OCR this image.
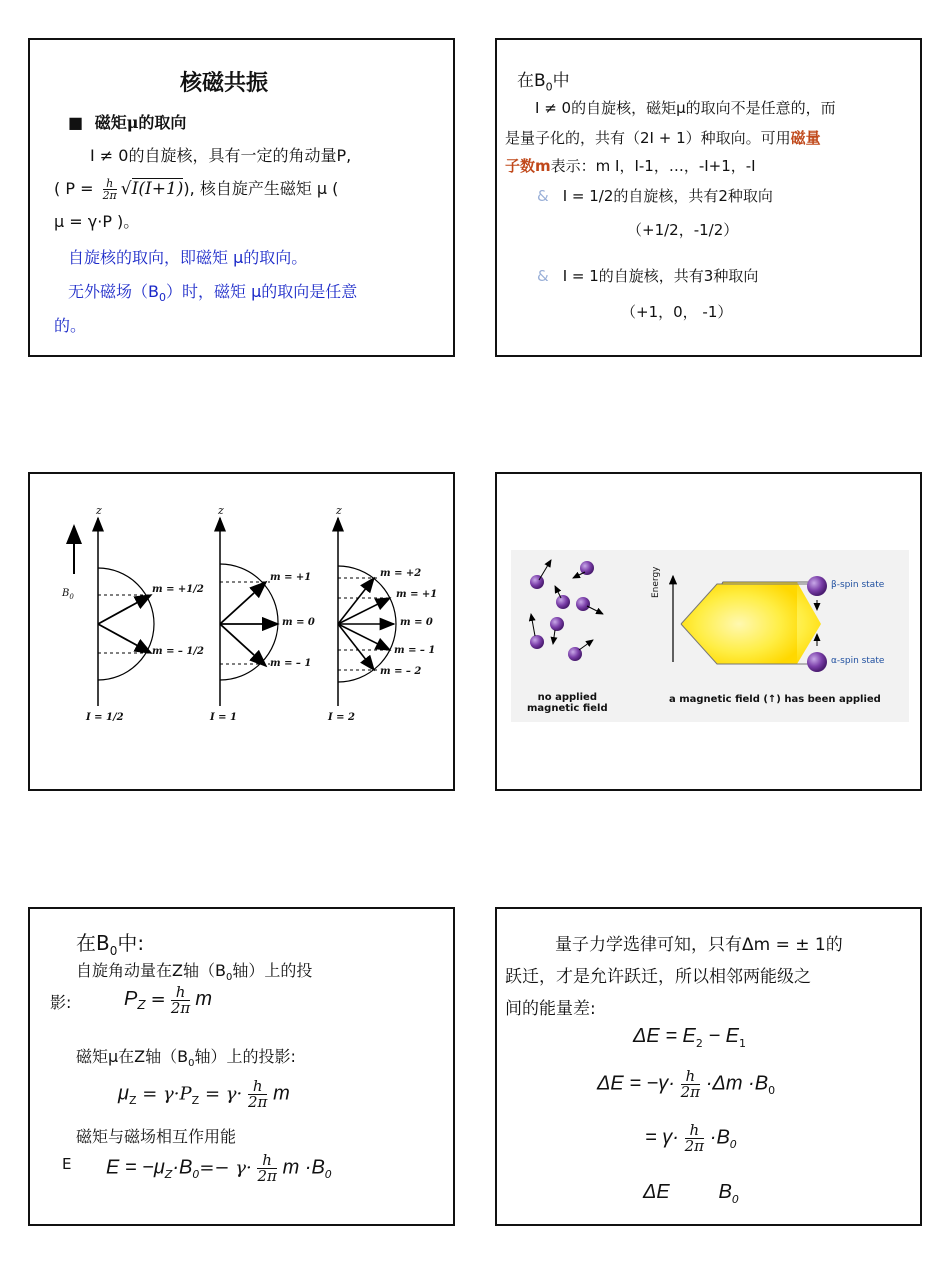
核磁共振
■ 磁矩μ的取向
I ≠ 0的自旋核，具有一定的角动量P,
( $P = \frac{h}{2\pi} √I(I+1)$), 核自旋产生磁矩 μ (
μ = γ·P )。
自旋核的取向，即磁矩 μ的取向。
无外磁场$(B_0)$时，磁矩 μ的取向是任意
的。
在$B_0$中
I ≠ 0的自旋核，磁矩μ的取向不是任意的，而
是量子化的，共有（2I + 1）种取向。可用磁量
子数m表示：m I，I-1，…，-I+1，-I
& I = 1/2的自旋核，共有2种取向
（+1/2，-1/2）
& I = 1的自旋核，共有3种取向
（+1，0， -1）
z	z	z
$B_0$
m = +1/2
m = – 1/2
I = 1/2
m = +1
m = 0
m = – 1
I = 1
m = +2
m = +1
m = 0
m = – 1
m = – 2
I = 2
Energy	β-spin state
α-spin state
no applied
magnetic field
a magnetic field (↑) has been applied
在$B_0$中:
自旋角动量在Z轴（$B_0$轴）上的投
影:	$P_Z = \frac{h}{2\pi}$ m
磁矩μ在Z轴（$B_0$轴）上的投影:
$\mu_Z = \gamma\cdot P_Z = \gamma\cdot \frac{h}{2\pi}$ m
磁矩与磁场相互作用能
E $E = -\mu_Z\cdot B_0=- \gamma\cdot \frac{h}{2\pi}$ $m \cdot B_0$
量子力学选律可知，只有Δm = ± 1的
跃迁，才是允许跃迁，所以相邻两能级之
间的能量差:
$\Delta E = E_2 - E_1$
$\Delta E = -\gamma\cdot \frac{h}{2\pi} \cdot\Delta m \cdot B_0$
= $\gamma\cdot \frac{h}{2\pi} \cdot B_0$
ΔE $B_0$
